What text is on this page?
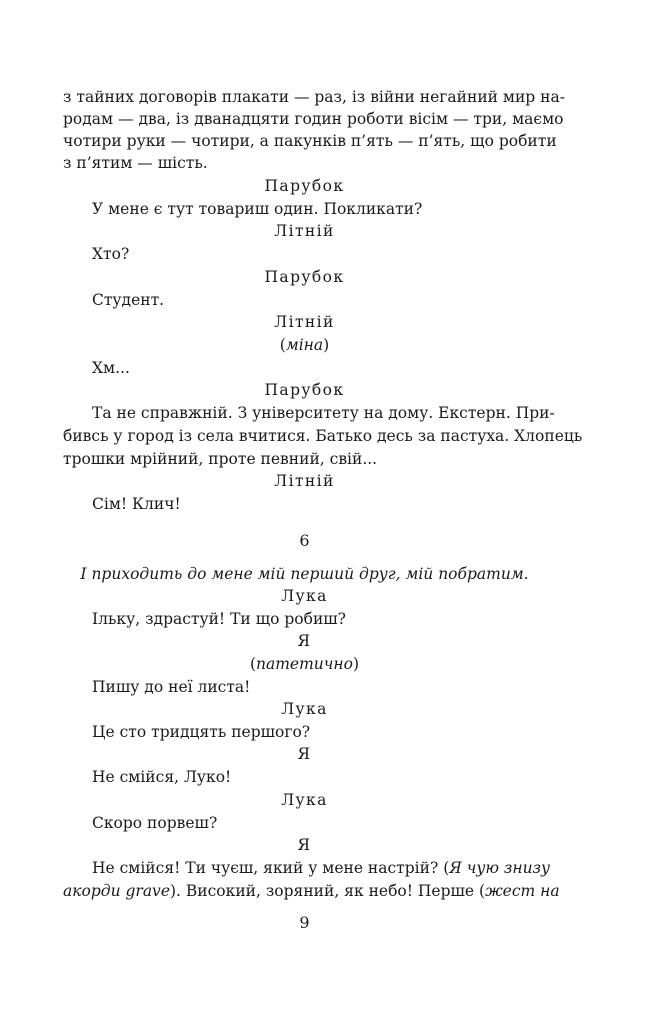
з тайних договорів плакати — раз, із війни негайний мир на-
родам — два, із дванадцяти годин роботи вісім — три, маємо
чотири руки — чотири, а пакунків п’ять — п’ять, що робити
з п’ятим — шість.
Парубок
У мене є тут товариш один. Покликати?
Літній
Хто?
Парубок
Студент.
Літній
(міна)
Хм...
Парубок
Та не справжній. З університету на дому. Екстерн. При-
бивсь у город із села вчитися. Батько десь за пастуха. Хлопець
трошки мрійний, проте певний, свій...
Літній
Сім! Клич!
6
І приходить до мене мій перший друг, мій побратим.
Лука
Ільку, здрастуй! Ти що робиш?
Я
(патетично)
Пишу до неї листа!
Лука
Це сто тридцять першого?
Я
Не смійся, Луко!
Лука
Скоро порвеш?
Я
Не смійся! Ти чуєш, який у мене настрій? (Я чую знизу
акорди grave). Високий, зоряний, як небо! Перше (жест на
9
